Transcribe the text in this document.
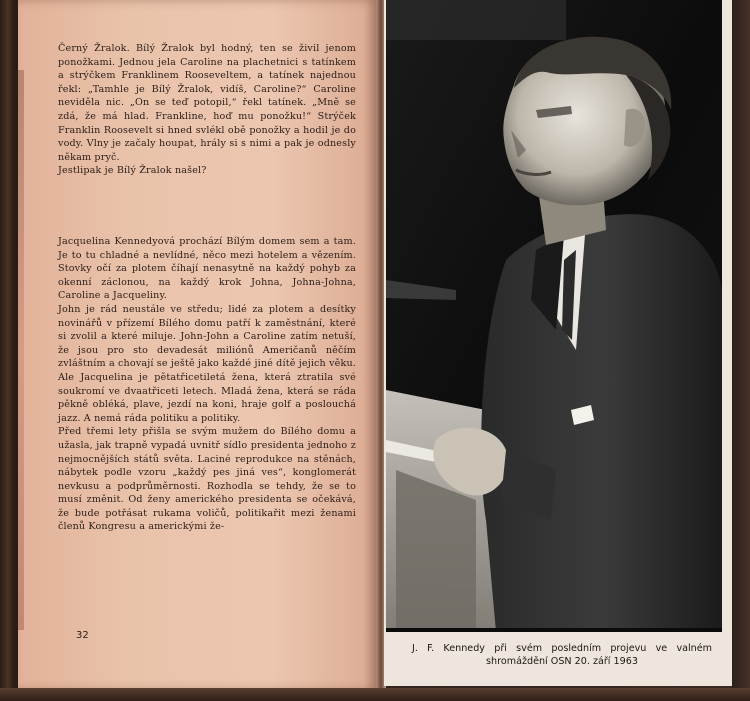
Černý Žralok. Bílý Žralok byl hodný, ten se živil jenom ponožkami. Jednou jela Caroline na plachetnici s tatínkem a strýčkem Franklinem Rooseveltem, a tatínek najednou řekl: „Tamhle je Bílý Žralok, vidíš, Caroline?“ Caroline neviděla nic. „On se teď potopil,“ řekl tatínek. „Mně se zdá, že má hlad. Frankline, hoď mu ponožku!“ Strýček Franklin Roosevelt si hned svlékl obě ponožky a hodil je do vody. Vlny je začaly houpat, hrály si s nimi a pak je odnesly někam pryč.

Jestlipak je Bílý Žralok našel?

Jacquelina Kennedyová prochází Bílým domem sem a tam. Je to tu chladné a nevlídné, něco mezi hotelem a vězením. Stovky očí za plotem číhají nenasytně na každý pohyb za okenní záclonou, na každý krok Johna, Johna-Johna, Caroline a Jacqueliny.

John je rád neustále ve středu; lidé za plotem a desítky novinářů v přízemí Bílého domu patří k zaměstnání, které si zvolil a které miluje. John-John a Caroline zatím netuší, že jsou pro sto devadesát miliónů Američanů něčím zvláštním a chovají se ještě jako každé jiné dítě jejich věku. Ale Jacquelina je pětatřicetiletá žena, která ztratila své soukromí ve dvaatřiceti letech. Mladá žena, která se ráda pěkně obléká, plave, jezdí na koni, hraje golf a poslouchá jazz. A nemá ráda politiku a politiky.

Před třemi lety přišla se svým mužem do Bílého domu a užasla, jak trapně vypadá uvnitř sídlo presidenta jednoho z nejmocnějších států světa. Laciné reprodukce na stěnách, nábytek podle vzoru „každý pes jiná ves“, konglomerát nevkusu a podprůměrnosti. Rozhodla se tehdy, že se to musí změnit. Od ženy amerického presidenta se očekává, že bude potřásat rukama voličů, politikařit mezi ženami členů Kongresu a americkými že-

32
J. F. Kennedy při svém posledním projevu ve valném shromáždění OSN 20. září 1963
